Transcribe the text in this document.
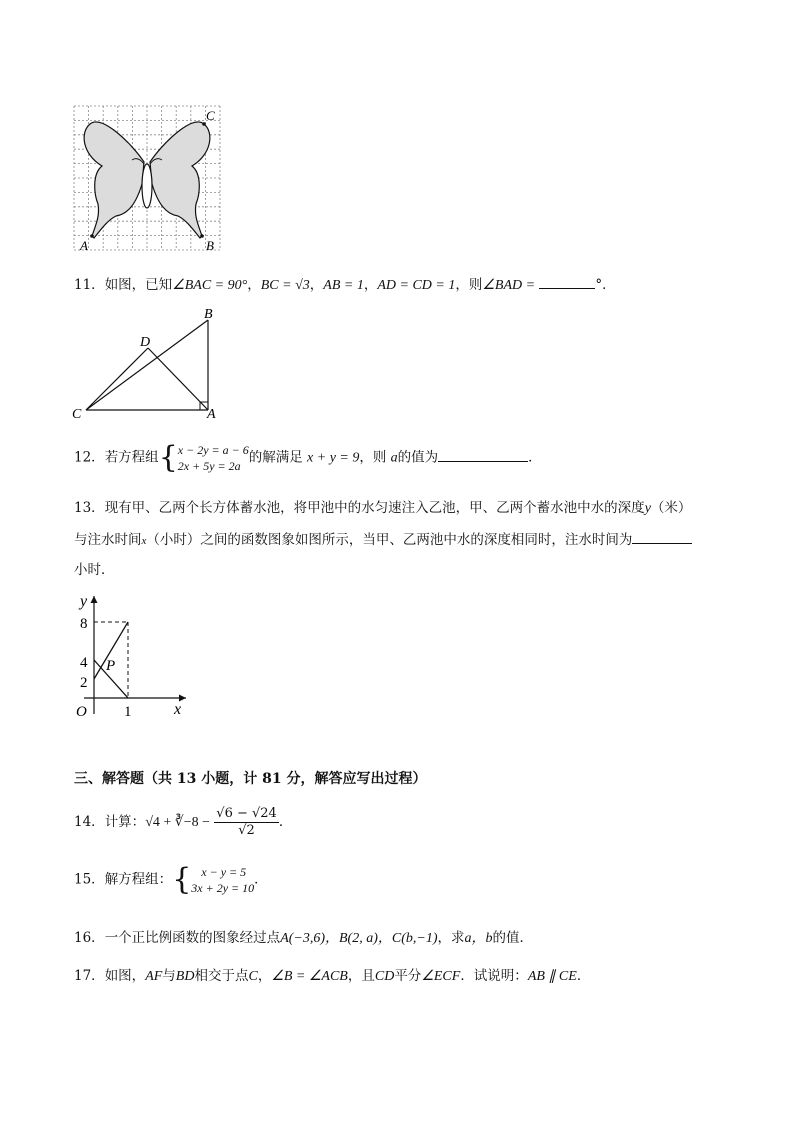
A	B
C
11．如图，已知∠BAC = 90°，BC = √3，AB = 1，AD = CD = 1，则∠BAD =	°．
B
D
C	A
12．若方程组{ x − 2y = a − 6
2x + 5y = 2a
的解满足 x + y = 9，则 a的值为	．
13．现有甲、乙两个长方体蓄水池，将甲池中的水匀速注入乙池，甲、乙两个蓄水池中水的深度y（米）
与注水时间x（小时）之间的函数图象如图所示，当甲、乙两池中水的深度相同时，注水时间为
小时．
y
x
O
8
4
2
1
P
三、解答题（共 13 小题，计 81 分，解答应写出过程）
14．计算：√4 + ∛−8 − $\frac{√6 - √24}{√2}$ ．
15．解方程组：{ x − y = 5
3x + 2y = 10
．
16．一个正比例函数的图象经过点A(−3,6)，B(2, a)，C(b,−1)，求a，b的值．
17．如图，AF与BD相交于点C，∠B = ∠ACB，且CD平分∠ECF．试说明：AB ∥ CE．
